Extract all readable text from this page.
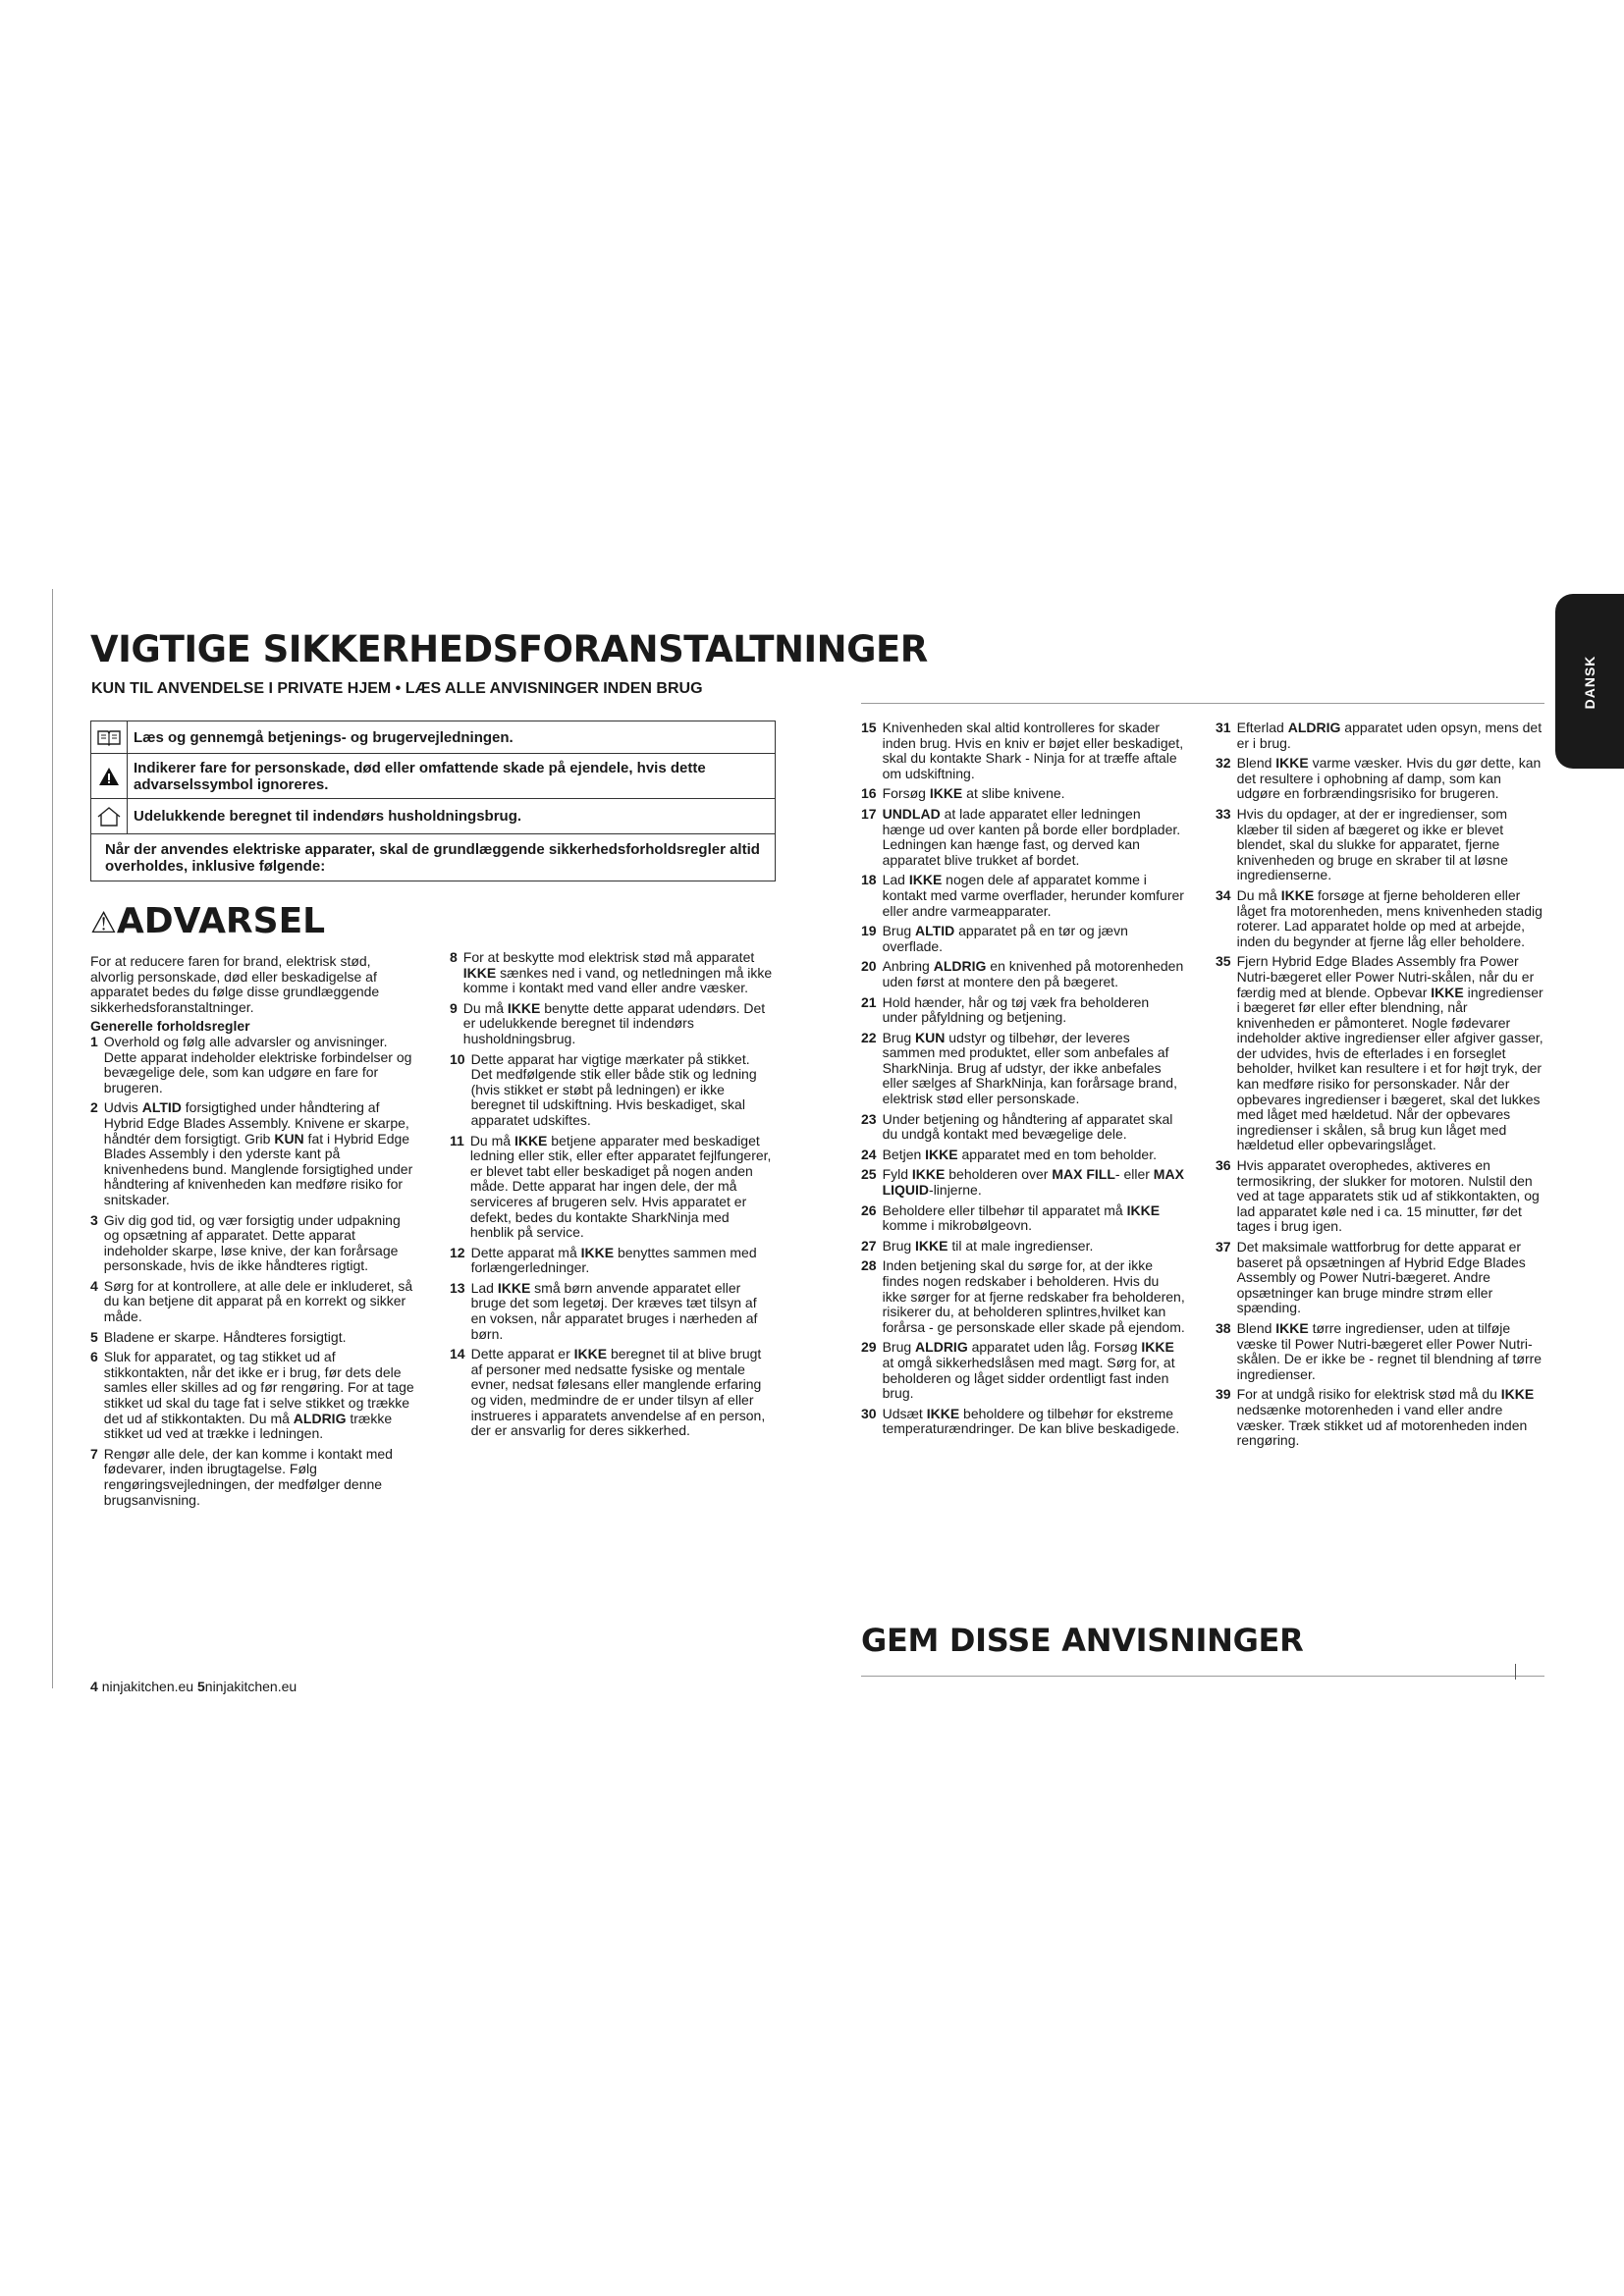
VIGTIGE SIKKERHEDSFORANSTALTNINGER
KUN TIL ANVENDELSE I PRIVATE HJEM • LÆS ALLE ANVISNINGER INDEN BRUG
	Læs og gennemgå betjenings- og brugervejledningen.

	Indikerer fare for personskade, død eller omfattende skade på ejendele, hvis dette advarselssymbol ignoreres.

	Udelukkende beregnet til indendørs husholdningsbrug.
Når der anvendes elektriske apparater, skal de grundlæggende sikkerhedsforholdsregler altid overholdes, inklusive følgende:	
⚠ADVARSEL

For at reducere faren for brand, elektrisk stød, alvorlig personskade, død eller beskadigelse af apparatet bedes du følge disse grundlæggende sikkerhedsforanstaltninger.

Generelle forholdsregler

1 Overhold og følg alle advarsler og anvisninger. Dette apparat indeholder elektriske forbindelser og bevægelige dele, som kan udgøre en fare for brugeren.
2 Udvis ALTID forsigtighed under håndtering af Hybrid Edge Blades Assembly. Knivene er skarpe, håndtér dem forsigtigt. Grib KUN fat i Hybrid Edge Blades Assembly i den yderste kant på knivenhedens bund. Manglende forsigtighed under håndtering af knivenheden kan medføre risiko for snitskader.
3 Giv dig god tid, og vær forsigtig under udpakning og opsætning af apparatet. Dette apparat indeholder skarpe, løse knive, der kan forårsage personskade, hvis de ikke håndteres rigtigt.
4 Sørg for at kontrollere, at alle dele er inkluderet, så du kan betjene dit apparat på en korrekt og sikker måde.
5 Bladene er skarpe. Håndteres forsigtigt.
6 Sluk for apparatet, og tag stikket ud af stikkontakten, når det ikke er i brug, før dets dele samles eller skilles ad og før rengøring. For at tage stikket ud skal du tage fat i selve stikket og trække det ud af stikkontakten. Du må ALDRIG trække stikket ud ved at trække i ledningen.
7 Rengør alle dele, der kan komme i kontakt med fødevarer, inden ibrugtagelse. Følg rengøringsvejledningen, der medfølger denne brugsanvisning.
8 For at beskytte mod elektrisk stød må apparatet IKKE sænkes ned i vand, og netledningen må ikke komme i kontakt med vand eller andre væsker.
9 Du må IKKE benytte dette apparat udendørs. Det er udelukkende beregnet til indendørs husholdningsbrug.
10 Dette apparat har vigtige mærkater på stikket. Det medfølgende stik eller både stik og ledning (hvis stikket er støbt på ledningen) er ikke beregnet til udskiftning. Hvis beskadiget, skal apparatet udskiftes.
11 Du må IKKE betjene apparater med beskadiget ledning eller stik, eller efter apparatet fejlfungerer, er blevet tabt eller beskadiget på nogen anden måde. Dette apparat har ingen dele, der må serviceres af brugeren selv. Hvis apparatet er defekt, bedes du kontakte SharkNinja med henblik på service.
12 Dette apparat må IKKE benyttes sammen med forlængerledninger.
13 Lad IKKE små børn anvende apparatet eller bruge det som legetøj. Der kræves tæt tilsyn af en voksen, når apparatet bruges i nærheden af børn.
14 Dette apparat er IKKE beregnet til at blive brugt af personer med nedsatte fysiske og mentale evner, nedsat følesans eller manglende erfaring og viden, medmindre de er under tilsyn af eller instrueres i apparatets anvendelse af en person, der er ansvarlig for deres sikkerhed.
15 Knivenheden skal altid kontrolleres for skader inden brug. Hvis en kniv er bøjet eller beskadiget, skal du kontakte Shark - Ninja for at træffe aftale om udskiftning.
16 Forsøg IKKE at slibe knivene.
17 UNDLAD at lade apparatet eller ledningen hænge ud over kanten på borde eller bordplader. Ledningen kan hænge fast, og derved kan apparatet blive trukket af bordet.
18 Lad IKKE nogen dele af apparatet komme i kontakt med varme overflader, herunder komfurer eller andre varmeapparater.
19 Brug ALTID apparatet på en tør og jævn overflade.
20 Anbring ALDRIG en knivenhed på motorenheden uden først at montere den på bægeret.
21 Hold hænder, hår og tøj væk fra beholderen under påfyldning og betjening.
22 Brug KUN udstyr og tilbehør, der leveres sammen med produktet, eller som anbefales af SharkNinja. Brug af udstyr, der ikke anbefales eller sælges af SharkNinja, kan forårsage brand, elektrisk stød eller personskade.
23 Under betjening og håndtering af apparatet skal du undgå kontakt med bevægelige dele.
24 Betjen IKKE apparatet med en tom beholder.
25 Fyld IKKE beholderen over MAX FILL- eller MAX LIQUID-linjerne.
26 Beholdere eller tilbehør til apparatet må IKKE komme i mikrobølgeovn.
27 Brug IKKE til at male ingredienser.
28 Inden betjening skal du sørge for, at der ikke findes nogen redskaber i beholderen. Hvis du ikke sørger for at fjerne redskaber fra beholderen, risikerer du, at beholderen splintres,hvilket kan forårsa - ge personskade eller skade på ejendom.
29 Brug ALDRIG apparatet uden låg. Forsøg IKKE at omgå sikkerhedslåsen med magt. Sørg for, at beholderen og låget sidder ordentligt fast inden brug.
30 Udsæt IKKE beholdere og tilbehør for ekstreme temperaturændringer. De kan blive beskadigede.
31 Efterlad ALDRIG apparatet uden opsyn, mens det er i brug.
32 Blend IKKE varme væsker. Hvis du gør dette, kan det resultere i ophobning af damp, som kan udgøre en forbrændingsrisiko for brugeren.
33 Hvis du opdager, at der er ingredienser, som klæber til siden af bægeret og ikke er blevet blendet, skal du slukke for apparatet, fjerne knivenheden og bruge en skraber til at løsne ingredienserne.
34 Du må IKKE forsøge at fjerne beholderen eller låget fra motorenheden, mens knivenheden stadig roterer. Lad apparatet holde op med at arbejde, inden du begynder at fjerne låg eller beholdere.
35 Fjern Hybrid Edge Blades Assembly fra Power Nutri-bægeret eller Power Nutri-skålen, når du er færdig med at blende. Opbevar IKKE ingredienser i bægeret før eller efter blendning, når knivenheden er påmonteret. Nogle fødevarer indeholder aktive ingredienser eller afgiver gasser, der udvides, hvis de efterlades i en forseglet beholder, hvilket kan resultere i et for højt tryk, der kan medføre risiko for personskader. Når der opbevares ingredienser i bægeret, skal det lukkes med låget med hældetud. Når der opbevares ingredienser i skålen, så brug kun låget med hældetud eller opbevaringslåget.
36 Hvis apparatet overophedes, aktiveres en termosikring, der slukker for motoren. Nulstil den ved at tage apparatets stik ud af stikkontakten, og lad apparatet køle ned i ca. 15 minutter, før det tages i brug igen.
37 Det maksimale wattforbrug for dette apparat er baseret på opsætningen af Hybrid Edge Blades Assembly og Power Nutri-bægeret. Andre opsætninger kan bruge mindre strøm eller spænding.
38 Blend IKKE tørre ingredienser, uden at tilføje væske til Power Nutri-bægeret eller Power Nutri-skålen. De er ikke be - regnet til blendning af tørre ingredienser.
39 For at undgå risiko for elektrisk stød må du IKKE nedsænke motorenheden i vand eller andre væsker. Træk stikket ud af motorenheden inden rengøring.
GEM DISSE ANVISNINGER
4 ninjakitchen.eu 5ninjakitchen.eu
DANSK
